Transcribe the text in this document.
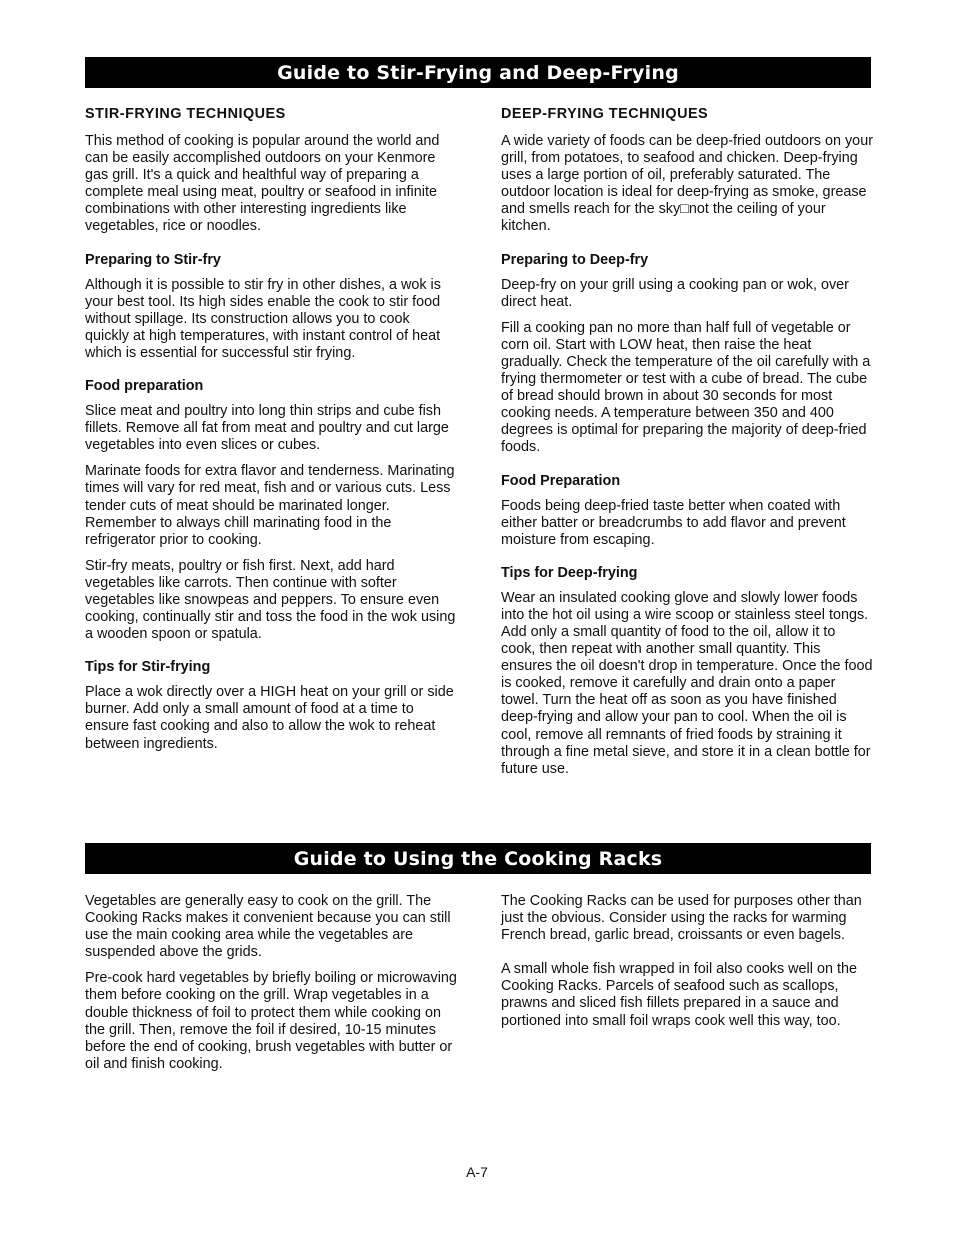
Guide to Stir-Frying and Deep-Frying
STIR-FRYING TECHNIQUES

This method of cooking is popular around the world and can be easily accomplished outdoors on your Kenmore gas grill. It's a quick and healthful way of preparing a complete meal using meat, poultry or seafood in infinite combinations with other interesting ingredients like vegetables, rice or noodles.

Preparing to Stir-fry

Although it is possible to stir fry in other dishes, a wok is your best tool. Its high sides enable the cook to stir food without spillage. Its construction allows you to cook quickly at high temperatures, with instant control of heat which is essential for successful stir frying.

Food preparation

Slice meat and poultry into long thin strips and cube fish fillets. Remove all fat from meat and poultry and cut large vegetables into even slices or cubes.

Marinate foods for extra flavor and tenderness. Marinating times will vary for red meat, fish and or various cuts. Less tender cuts of meat should be marinated longer. Remember to always chill marinating food in the refrigerator prior to cooking.

Stir-fry meats, poultry or fish first. Next, add hard vegetables like carrots. Then continue with softer vegetables like snowpeas and peppers. To ensure even cooking, continually stir and toss the food in the wok using a wooden spoon or spatula.

Tips for Stir-frying

Place a wok directly over a HIGH heat on your grill or side burner. Add only a small amount of food at a time to ensure fast cooking and also to allow the wok to reheat between ingredients.

DEEP-FRYING TECHNIQUES

A wide variety of foods can be deep-fried outdoors on your grill, from potatoes, to seafood and chicken. Deep-frying uses a large portion of oil, preferably saturated. The outdoor location is ideal for deep-frying as smoke, grease and smells reach for the sky□not the ceiling of your kitchen.

Preparing to Deep-fry

Deep-fry on your grill using a cooking pan or wok, over direct heat.

Fill a cooking pan no more than half full of vegetable or corn oil. Start with LOW heat, then raise the heat gradually. Check the temperature of the oil carefully with a frying thermometer or test with a cube of bread. The cube of bread should brown in about 30 seconds for most cooking needs. A temperature between 350 and 400 degrees is optimal for preparing the majority of deep-fried foods.

Food Preparation

Foods being deep-fried taste better when coated with either batter or breadcrumbs to add flavor and prevent moisture from escaping.

Tips for Deep-frying

Wear an insulated cooking glove and slowly lower foods into the hot oil using a wire scoop or stainless steel tongs. Add only a small quantity of food to the oil, allow it to cook, then repeat with another small quantity. This ensures the oil doesn't drop in temperature. Once the food is cooked, remove it carefully and drain onto a paper towel. Turn the heat off as soon as you have finished deep-frying and allow your pan to cool. When the oil is cool, remove all remnants of fried foods by straining it through a fine metal sieve, and store it in a clean bottle for future use.

Guide to Using the Cooking Racks

Vegetables are generally easy to cook on the grill. The Cooking Racks makes it convenient because you can still use the main cooking area while the vegetables are suspended above the grids.

Pre-cook hard vegetables by briefly boiling or microwaving them before cooking on the grill. Wrap vegetables in a double thickness of foil to protect them while cooking on the grill. Then, remove the foil if desired, 10-15 minutes before the end of cooking, brush vegetables with butter or oil and finish cooking.

The Cooking Racks can be used for purposes other than just the obvious. Consider using the racks for warming French bread, garlic bread, croissants or even bagels.

A small whole fish wrapped in foil also cooks well on the Cooking Racks. Parcels of seafood such as scallops, prawns and sliced fish fillets prepared in a sauce and portioned into small foil wraps cook well this way, too.

A-7
